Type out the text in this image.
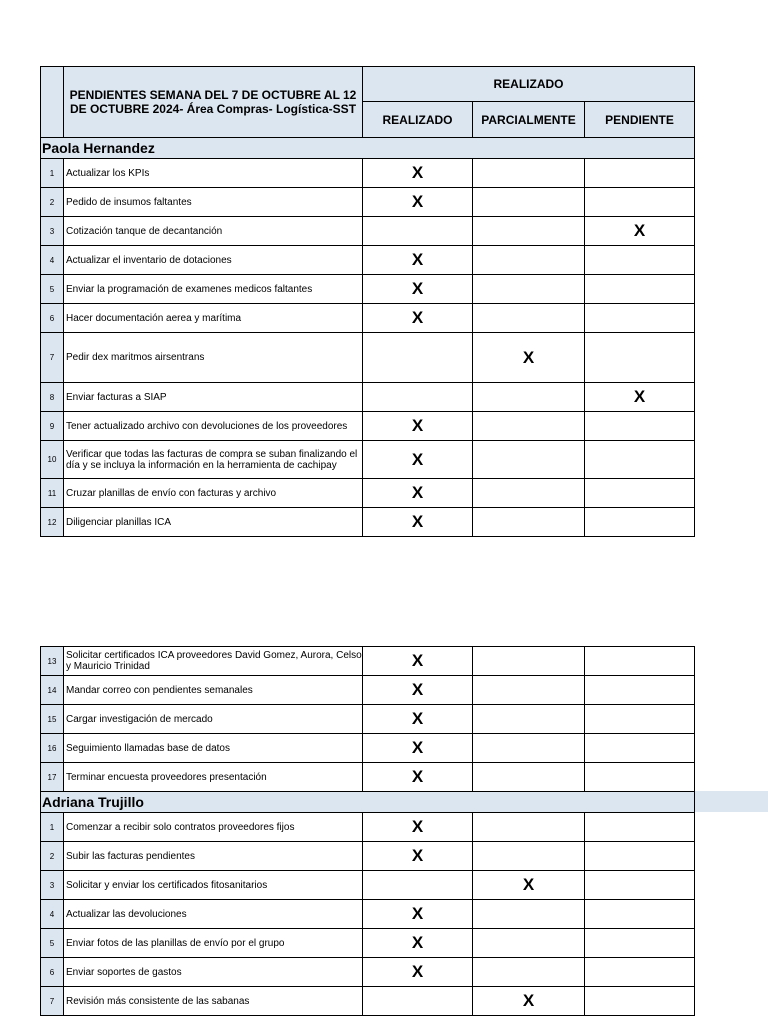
	PENDIENTES SEMANA DEL 7 DE OCTUBRE AL 12 DE OCTUBRE 2024- Área Compras- Logística-SST	REALIZADO		
		REALIZADO	PARCIALMENTE	PENDIENTE
Paola Hernandez				
1	Actualizar los KPIs	X		
2	Pedido de insumos faltantes	X		
3	Cotización tanque de decantanción			X
4	Actualizar el inventario de dotaciones	X		
5	Enviar la programación de examenes medicos faltantes	X		
6	Hacer documentación aerea y marítima	X		
7	Pedir dex maritmos airsentrans		X	
8	Enviar facturas a SIAP			X
9	Tener actualizado archivo con devoluciones de los proveedores	X		
10	Verificar que todas las facturas de compra se suban finalizando el día y se incluya la información en la herramienta de cachipay	X		
11	Cruzar planillas de envío con facturas y archivo	X		
12	Diligenciar planillas ICA	X		
13	Solicitar certificados ICA proveedores David Gomez, Aurora, Celso y Mauricio Trinidad	X		
14	Mandar correo con pendientes semanales	X		
15	Cargar investigación de mercado	X		
16	Seguimiento llamadas base de datos	X		
17	Terminar encuesta proveedores presentación	X		
Adriana Trujillo				
1	Comenzar a recibir solo contratos proveedores fijos	X		
2	Subir las facturas pendientes	X		
3	Solicitar y enviar los certificados fitosanitarios		X	
4	Actualizar las devoluciones	X		
5	Enviar fotos de las planillas de envío por el grupo	X		
6	Enviar soportes de gastos	X		
7	Revisión más consistente de las sabanas		X	
